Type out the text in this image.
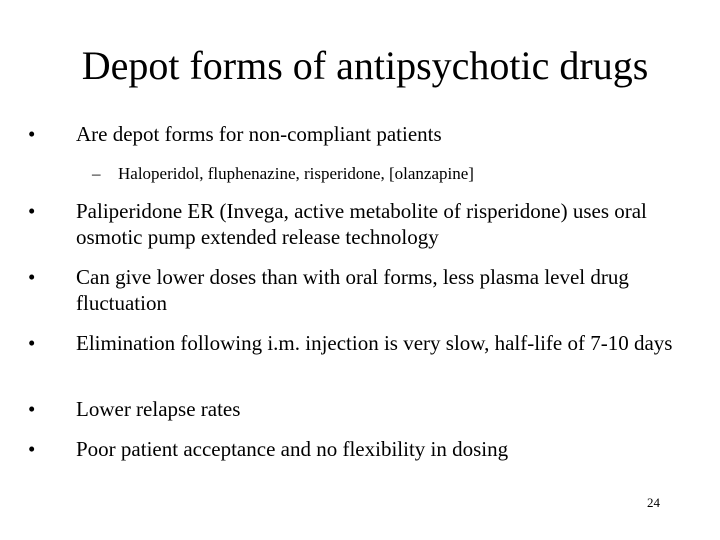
Depot forms of antipsychotic drugs
• Are depot forms for non-compliant patients
– Haloperidol, fluphenazine, risperidone, [olanzapine]
• Paliperidone ER (Invega, active metabolite of risperidone) uses oral osmotic pump extended release technology
• Can give lower doses than with oral forms, less plasma level drug fluctuation
• Elimination following i.m. injection is very slow, half-life of 7-10 days
• Lower relapse rates
• Poor patient acceptance and no flexibility in dosing
24
